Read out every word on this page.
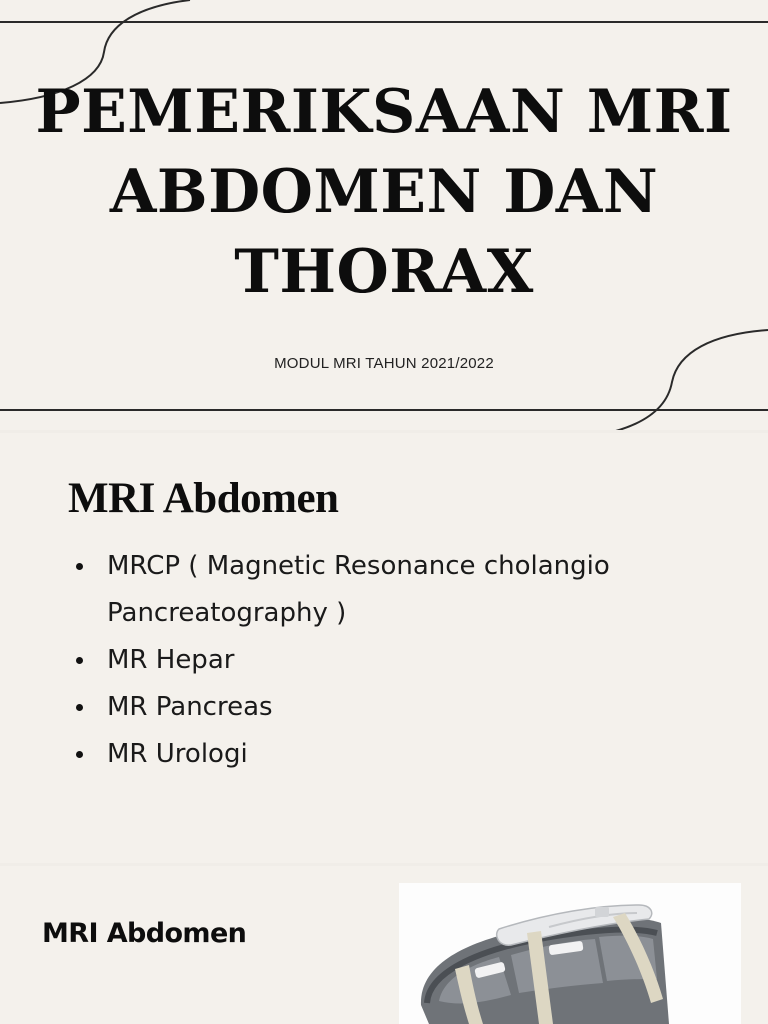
PEMERIKSAAN MRI
ABDOMEN DAN
THORAX
MODUL MRI TAHUN 2021/2022
MRI Abdomen
MRCP ( Magnetic Resonance cholangio Pancreatography )
MR Hepar
MR Pancreas
MR Urologi
MRI Abdomen
